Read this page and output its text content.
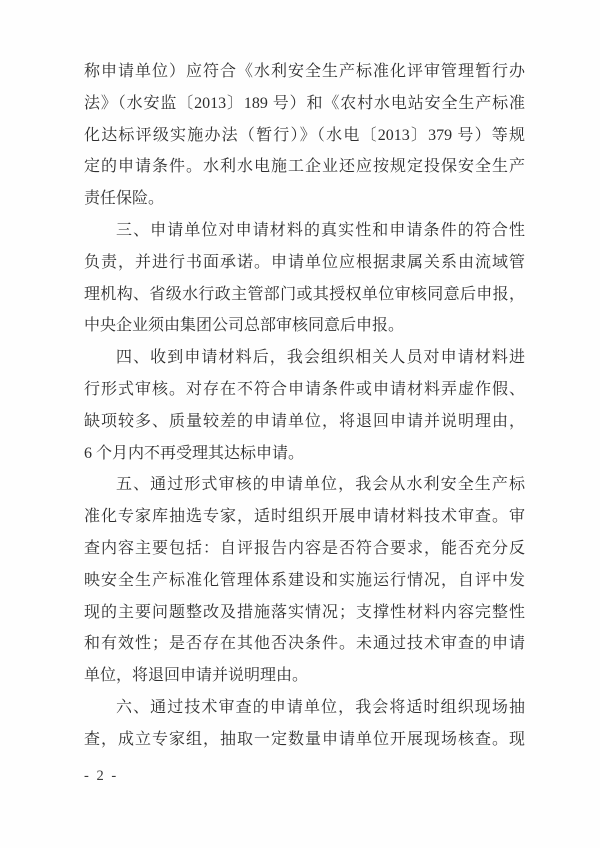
称申请单位）应符合《水利安全生产标准化评审管理暂行办
法》（水安监〔2013〕189 号）和《农村水电站安全生产标准
化达标评级实施办法（暂行）》（水电〔2013〕379 号）等规
定的申请条件。水利水电施工企业还应按规定投保安全生产
责任保险。
三、申请单位对申请材料的真实性和申请条件的符合性
负责，并进行书面承诺。申请单位应根据隶属关系由流域管
理机构、省级水行政主管部门或其授权单位审核同意后申报，
中央企业须由集团公司总部审核同意后申报。
四、收到申请材料后，我会组织相关人员对申请材料进
行形式审核。对存在不符合申请条件或申请材料弄虚作假、
缺项较多、质量较差的申请单位，将退回申请并说明理由，
6 个月内不再受理其达标申请。
五、通过形式审核的申请单位，我会从水利安全生产标
准化专家库抽选专家，适时组织开展申请材料技术审查。审
查内容主要包括：自评报告内容是否符合要求，能否充分反
映安全生产标准化管理体系建设和实施运行情况，自评中发
现的主要问题整改及措施落实情况；支撑性材料内容完整性
和有效性；是否存在其他否决条件。未通过技术审查的申请
单位，将退回申请并说明理由。
六、通过技术审查的申请单位，我会将适时组织现场抽
查，成立专家组，抽取一定数量申请单位开展现场核查。现
- 2 -
